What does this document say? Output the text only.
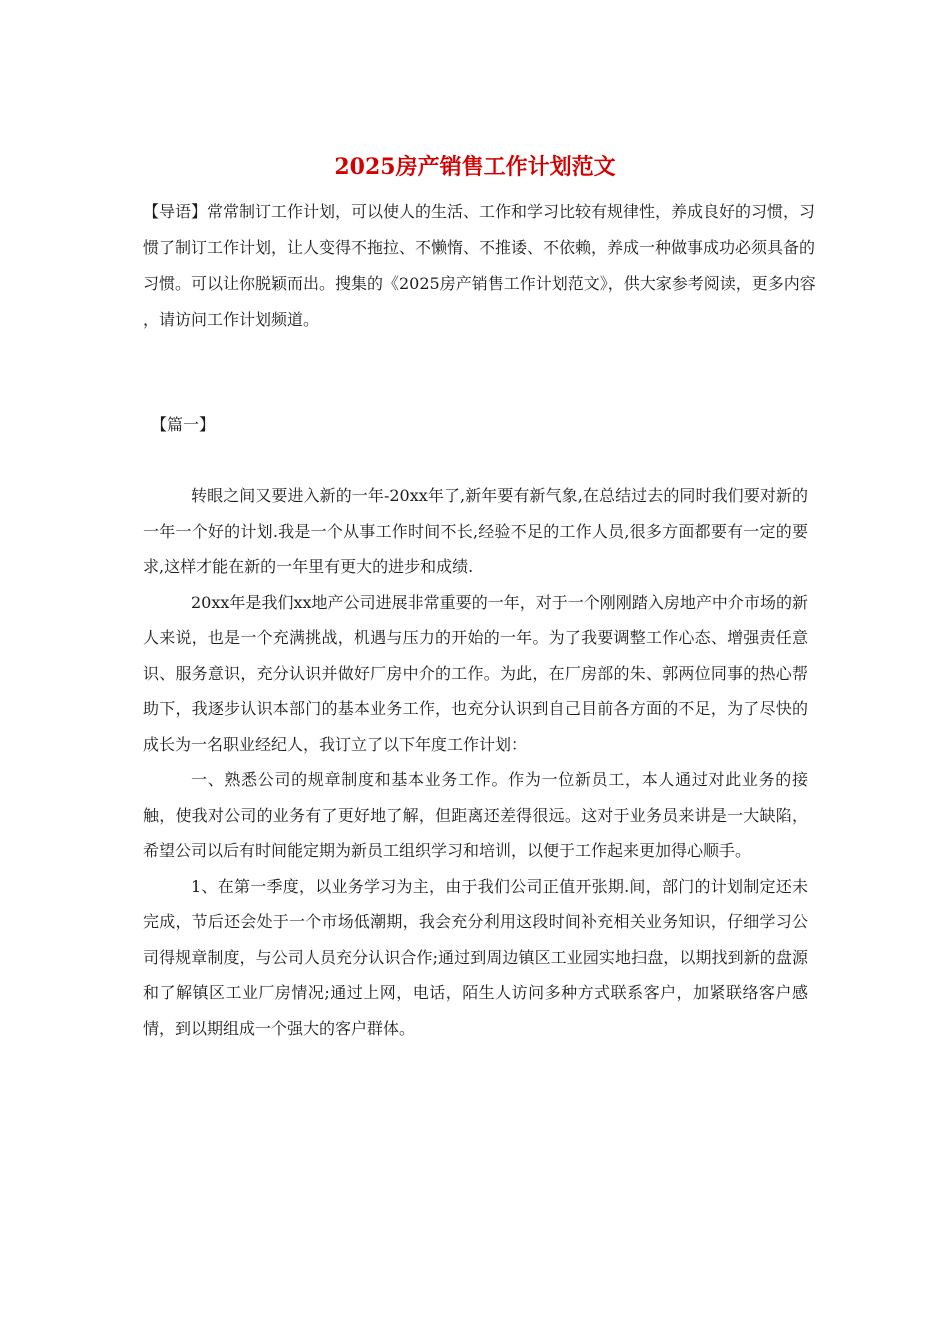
2025房产销售工作计划范文

【导语】常常制订工作计划，可以使人的生活、工作和学习比较有规律性，养成良好的习惯，习惯了制订工作计划，让人变得不拖拉、不懒惰、不推诿、不依赖，养成一种做事成功必须具备的习惯。可以让你脱颖而出。搜集的《2025房产销售工作计划范文》，供大家参考阅读，更多内容 ，请访问工作计划频道。

【篇一】

转眼之间又要进入新的一年-20xx年了,新年要有新气象,在总结过去的同时我们要对新的一年一个好的计划.我是一个从事工作时间不长,经验不足的工作人员,很多方面都要有一定的要求,这样才能在新的一年里有更大的进步和成绩.

20xx年是我们xx地产公司进展非常重要的一年，对于一个刚刚踏入房地产中介市场的新人来说，也是一个充满挑战，机遇与压力的开始的一年。为了我要调整工作心态、增强责任意识、服务意识，充分认识并做好厂房中介的工作。为此，在厂房部的朱、郭两位同事的热心帮助下，我逐步认识本部门的基本业务工作，也充分认识到自己目前各方面的不足，为了尽快的成长为一名职业经纪人，我订立了以下年度工作计划：

一、熟悉公司的规章制度和基本业务工作。作为一位新员工，本人通过对此业务的接触，使我对公司的业务有了更好地了解，但距离还差得很远。这对于业务员来讲是一大缺陷，希望公司以后有时间能定期为新员工组织学习和培训，以便于工作起来更加得心顺手。

1、在第一季度，以业务学习为主，由于我们公司正值开张期.间，部门的计划制定还未完成，节后还会处于一个市场低潮期，我会充分利用这段时间补充相关业务知识，仔细学习公司得规章制度，与公司人员充分认识合作;通过到周边镇区工业园实地扫盘，以期找到新的盘源和了解镇区工业厂房情况;通过上网，电话，陌生人访问多种方式联系客户，加紧联络客户感情，到以期组成一个强大的客户群体。
